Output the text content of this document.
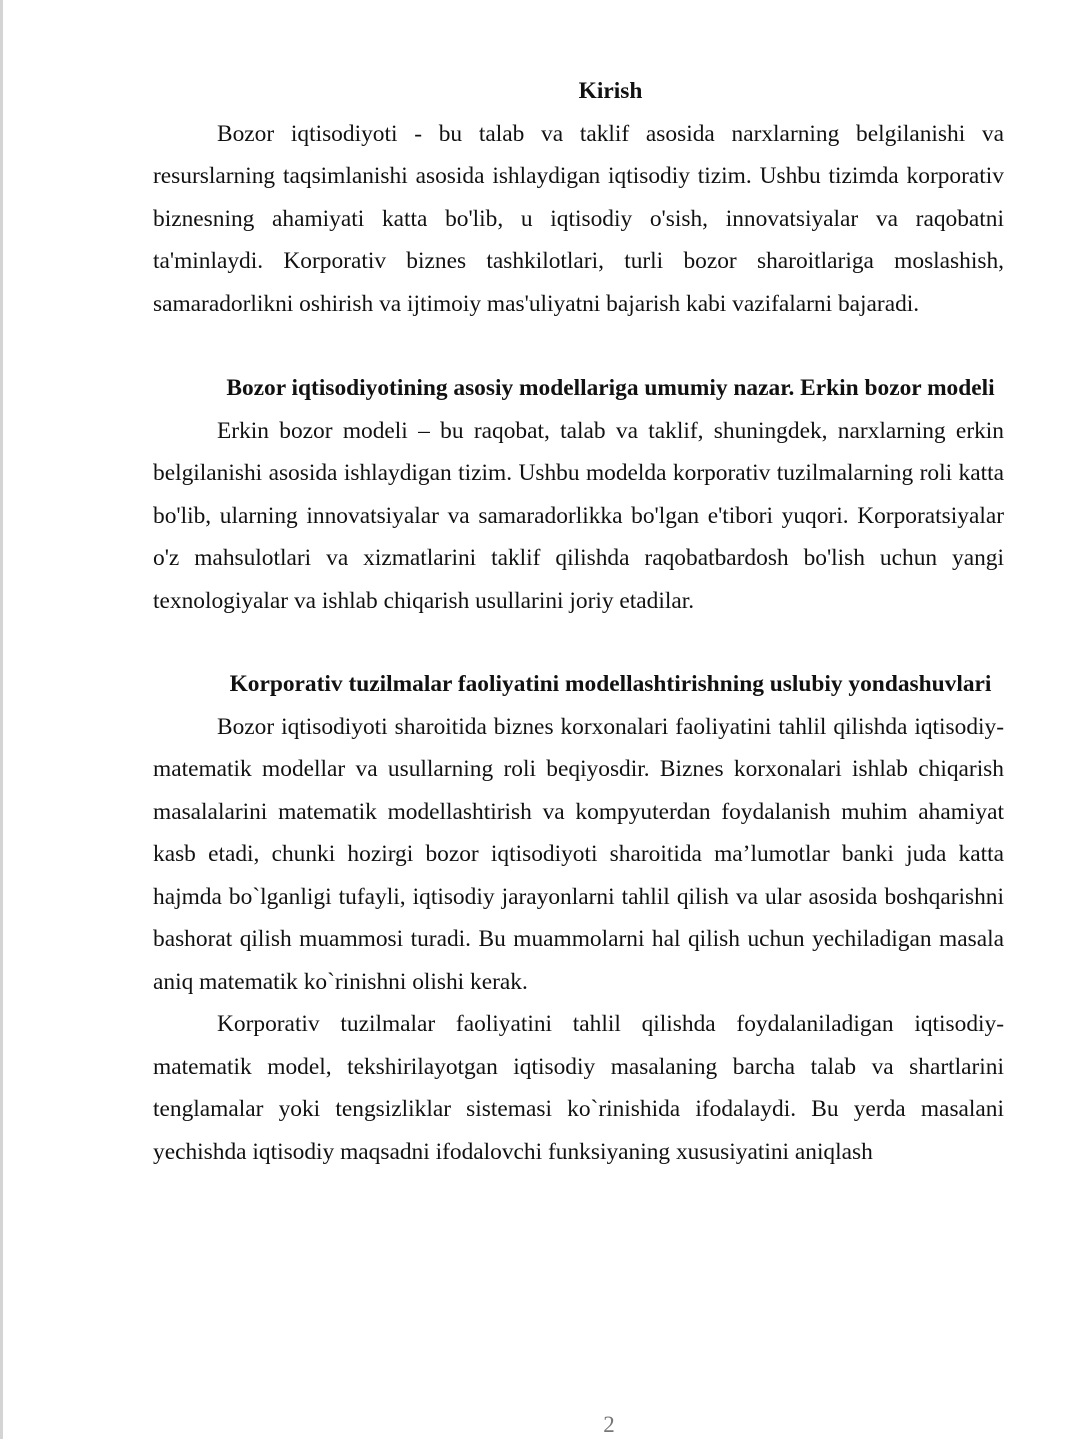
Kirish

Bozor iqtisodiyoti - bu talab va taklif asosida narxlarning belgilanishi va resurslarning taqsimlanishi asosida ishlaydigan iqtisodiy tizim. Ushbu tizimda korporativ biznesning ahamiyati katta bo'lib, u iqtisodiy o'sish, innovatsiyalar va raqobatni ta'minlaydi. Korporativ biznes tashkilotlari, turli bozor sharoitlariga moslashish, samaradorlikni oshirish va ijtimoiy mas'uliyatni bajarish kabi vazifalarni bajaradi.

Bozor iqtisodiyotining asosiy modellariga umumiy nazar. Erkin bozor modeli

Erkin bozor modeli – bu raqobat, talab va taklif, shuningdek, narxlarning erkin belgilanishi asosida ishlaydigan tizim. Ushbu modelda korporativ tuzilmalarning roli katta bo'lib, ularning innovatsiyalar va samaradorlikka bo'lgan e'tibori yuqori. Korporatsiyalar o'z mahsulotlari va xizmatlarini taklif qilishda raqobatbardosh bo'lish uchun yangi texnologiyalar va ishlab chiqarish usullarini joriy etadilar.

Korporativ tuzilmalar faoliyatini modellashtirishning uslubiy yondashuvlari

Bozor iqtisodiyoti sharoitida biznes korxonalari faoliyatini tahlil qilishda iqtisodiy-matematik modellar va usullarning roli beqiyosdir. Biznes korxonalari ishlab chiqarish masalalarini matematik modellashtirish va kompyuterdan foydalanish muhim ahamiyat kasb etadi, chunki hozirgi bozor iqtisodiyoti sharoitida ma’lumotlar banki juda katta hajmda bo`lganligi tufayli, iqtisodiy jarayonlarni tahlil qilish va ular asosida boshqarishni bashorat qilish muammosi turadi. Bu muammolarni hal qilish uchun yechiladigan masala aniq matematik ko`rinishni olishi kerak.

Korporativ tuzilmalar faoliyatini tahlil qilishda foydalaniladigan iqtisodiy-matematik model, tekshirilayotgan iqtisodiy masalaning barcha talab va shartlarini tenglamalar yoki tengsizliklar sistemasi ko`rinishida ifodalaydi. Bu yerda masalani yechishda iqtisodiy maqsadni ifodalovchi funksiyaning xususiyatini aniqlash

2
